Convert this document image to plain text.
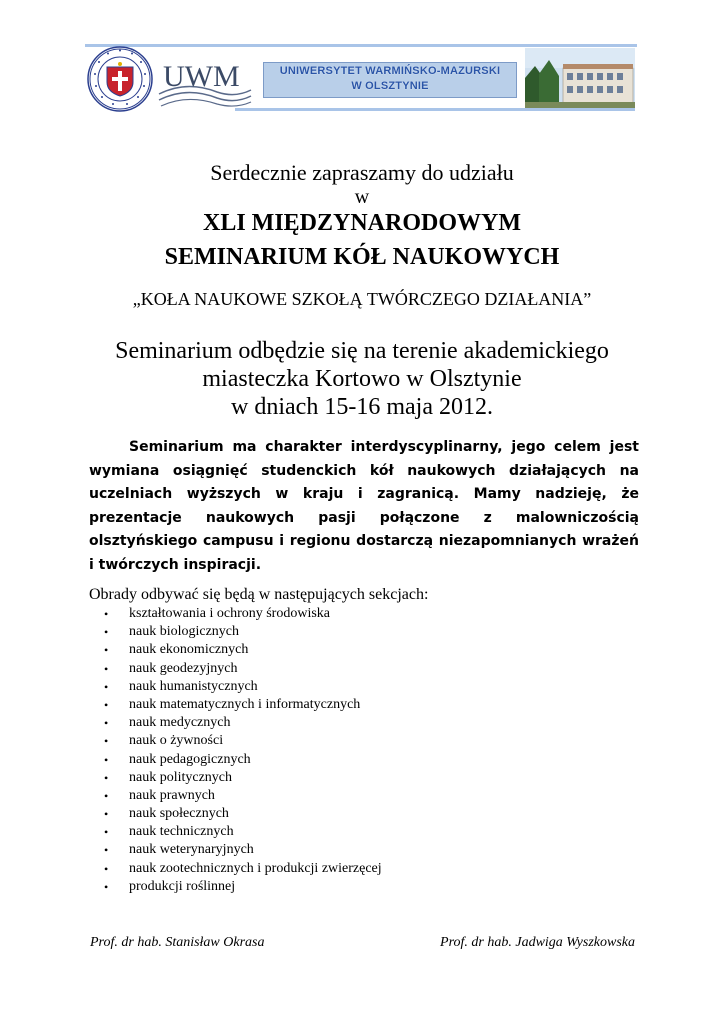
UWM	UNIWERSYTET WARMIŃSKO-MAZURSKI
W OLSZTYNIE
Serdecznie zapraszamy do udziału
w
XLI MIĘDZYNARODOWYM
SEMINARIUM KÓŁ NAUKOWYCH
„KOŁA NAUKOWE SZKOŁĄ TWÓRCZEGO DZIAŁANIA”
Seminarium odbędzie się na terenie akademickiego
miasteczka Kortowo w Olsztynie
w dniach 15-16 maja 2012.
Seminarium ma charakter interdyscyplinarny, jego celem jest wymiana osiągnięć studenckich kół naukowych działających na uczelniach wyższych w kraju i zagranicą. Mamy nadzieję, że prezentacje naukowych pasji połączone z malowniczością olsztyńskiego campusu i regionu dostarczą niezapomnianych wrażeń i twórczych inspiracji.
Obrady odbywać się będą w następujących sekcjach:
• kształtowania i ochrony środowiska
• nauk biologicznych
• nauk ekonomicznych
• nauk geodezyjnych
• nauk humanistycznych
• nauk matematycznych i informatycznych
• nauk medycznych
• nauk o żywności
• nauk pedagogicznych
• nauk politycznych
• nauk prawnych
• nauk społecznych
• nauk technicznych
• nauk weterynaryjnych
• nauk zootechnicznych i produkcji zwierzęcej
• produkcji roślinnej
Prof. dr hab. Stanisław Okrasa	Prof. dr hab. Jadwiga Wyszkowska
